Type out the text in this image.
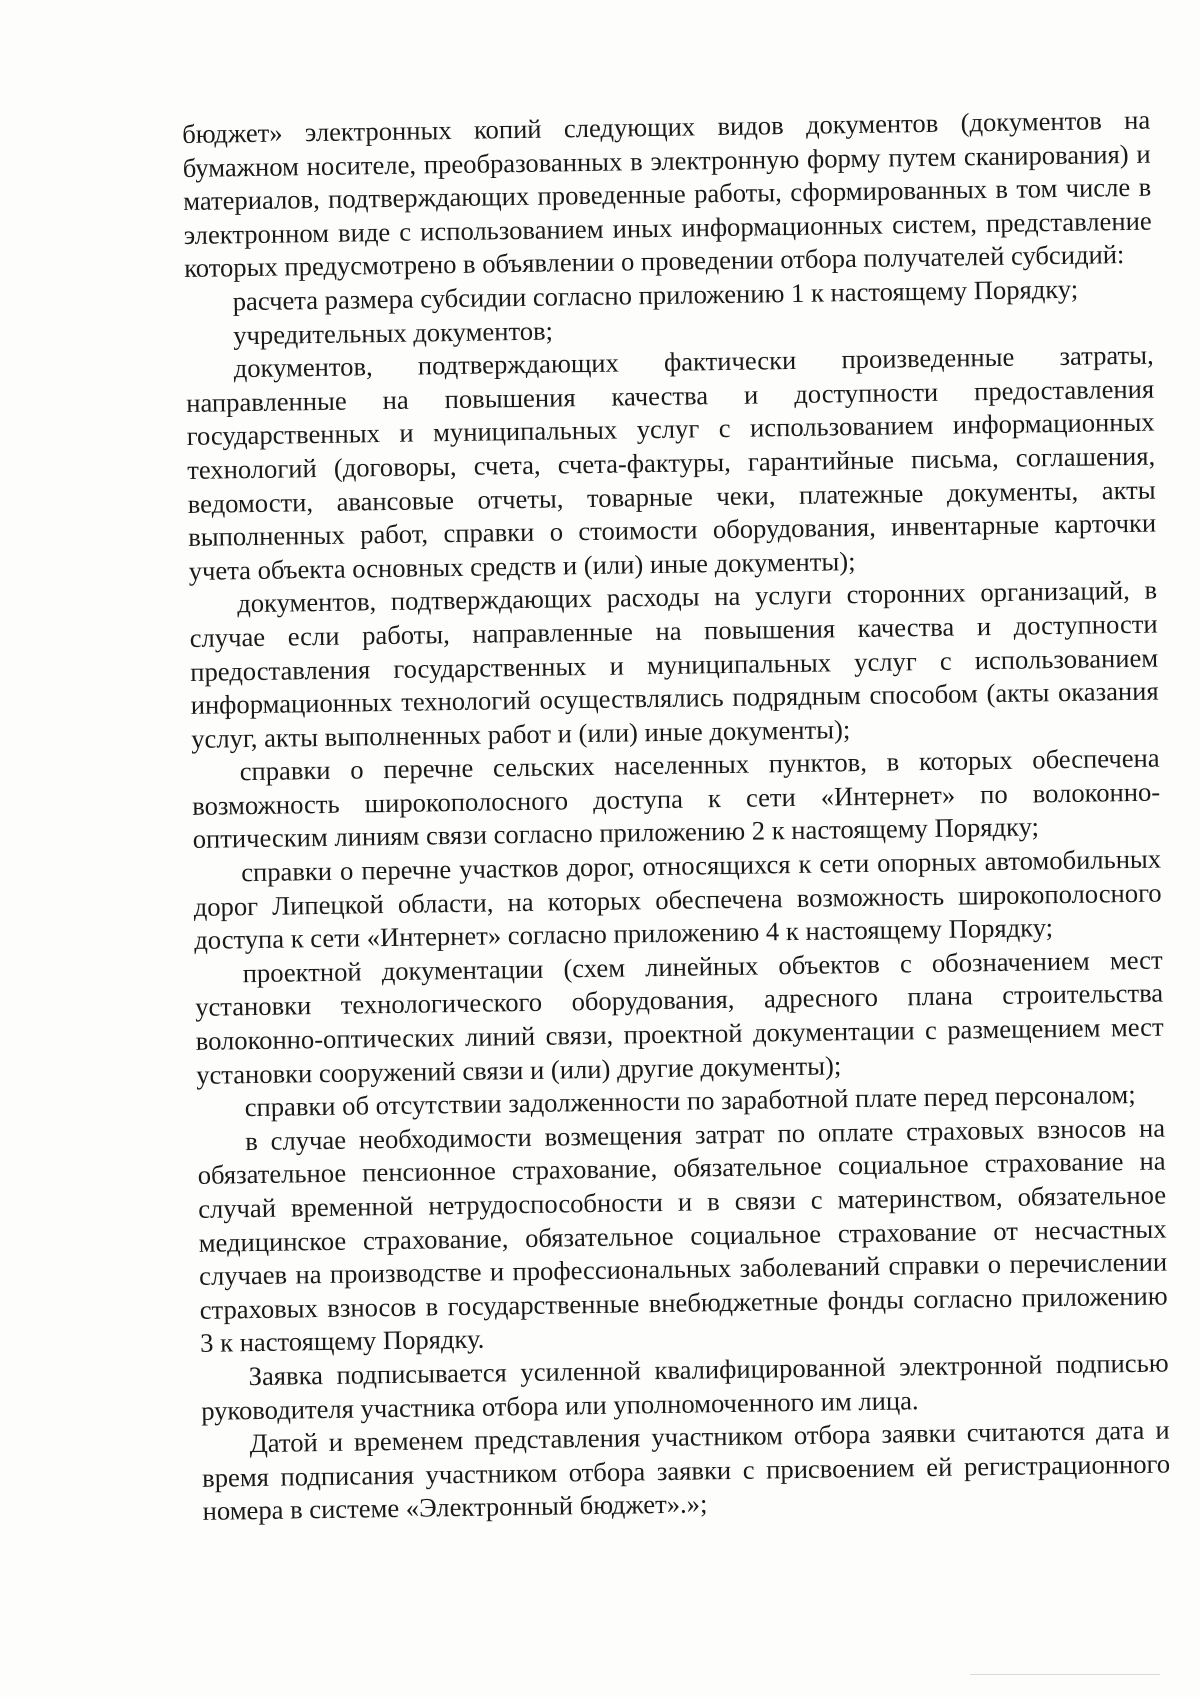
бюджет» электронных копий следующих видов документов (документов на бумажном носителе, преобразованных в электронную форму путем сканирования) и материалов, подтверждающих проведенные работы, сформированных в том числе в электронном виде с использованием иных информационных систем, представление которых предусмотрено в объявлении о проведении отбора получателей субсидий:

расчета размера субсидии согласно приложению 1 к настоящему Порядку;

учредительных документов;

документов, подтверждающих фактически произведенные затраты, направленные на повышения качества и доступности предоставления государственных и муниципальных услуг с использованием информационных технологий (договоры, счета, счета-фактуры, гарантийные письма, соглашения, ведомости, авансовые отчеты, товарные чеки, платежные документы, акты выполненных работ, справки о стоимости оборудования, инвентарные карточки учета объекта основных средств и (или) иные документы);

документов, подтверждающих расходы на услуги сторонних организаций, в случае если работы, направленные на повышения качества и доступности предоставления государственных и муниципальных услуг с использованием информационных технологий осуществлялись подрядным способом (акты оказания услуг, акты выполненных работ и (или) иные документы);

справки о перечне сельских населенных пунктов, в которых обеспечена возможность широкополосного доступа к сети «Интернет» по волоконно-оптическим линиям связи согласно приложению 2 к настоящему Порядку;

справки о перечне участков дорог, относящихся к сети опорных автомобильных дорог Липецкой области, на которых обеспечена возможность широкополосного доступа к сети «Интернет» согласно приложению 4 к настоящему Порядку;

проектной документации (схем линейных объектов с обозначением мест установки технологического оборудования, адресного плана строительства волоконно-оптических линий связи, проектной документации с размещением мест установки сооружений связи и (или) другие документы);

справки об отсутствии задолженности по заработной плате перед персоналом;

в случае необходимости возмещения затрат по оплате страховых взносов на обязательное пенсионное страхование, обязательное социальное страхование на случай временной нетрудоспособности и в связи с материнством, обязательное медицинское страхование, обязательное социальное страхование от несчастных случаев на производстве и профессиональных заболеваний справки о перечислении страховых взносов в государственные внебюджетные фонды согласно приложению 3 к настоящему Порядку.

Заявка подписывается усиленной квалифицированной электронной подписью руководителя участника отбора или уполномоченного им лица.

Датой и временем представления участником отбора заявки считаются дата и время подписания участником отбора заявки с присвоением ей регистрационного номера в системе «Электронный бюджет».»;
